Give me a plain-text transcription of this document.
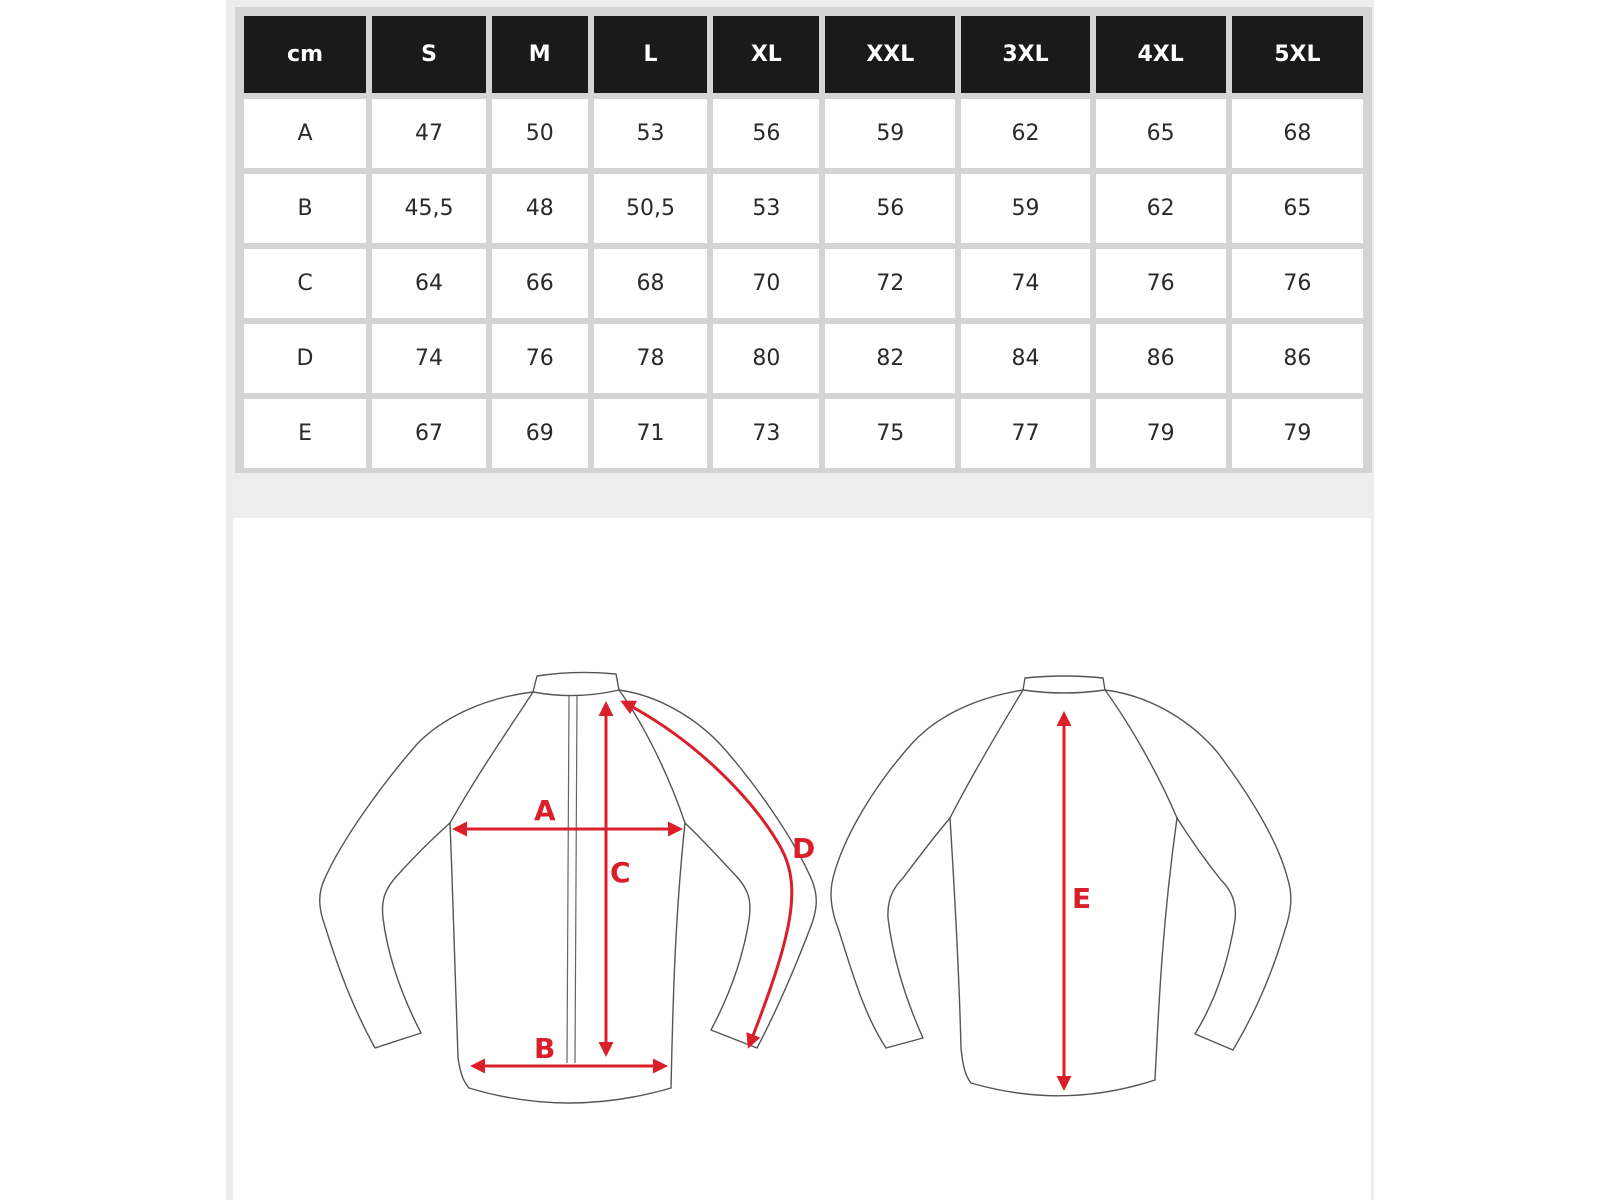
cm	S	M	L	XL	XXL	3XL	4XL	5XL
A	47	50	53	56	59	62	65	68
B	45,5	48	50,5	53	56	59	62	65
C	64	66	68	70	72	74	76	76
D	74	76	78	80	82	84	86	86
E	67	69	71	73	75	77	79	79
A
B
C
D
E
